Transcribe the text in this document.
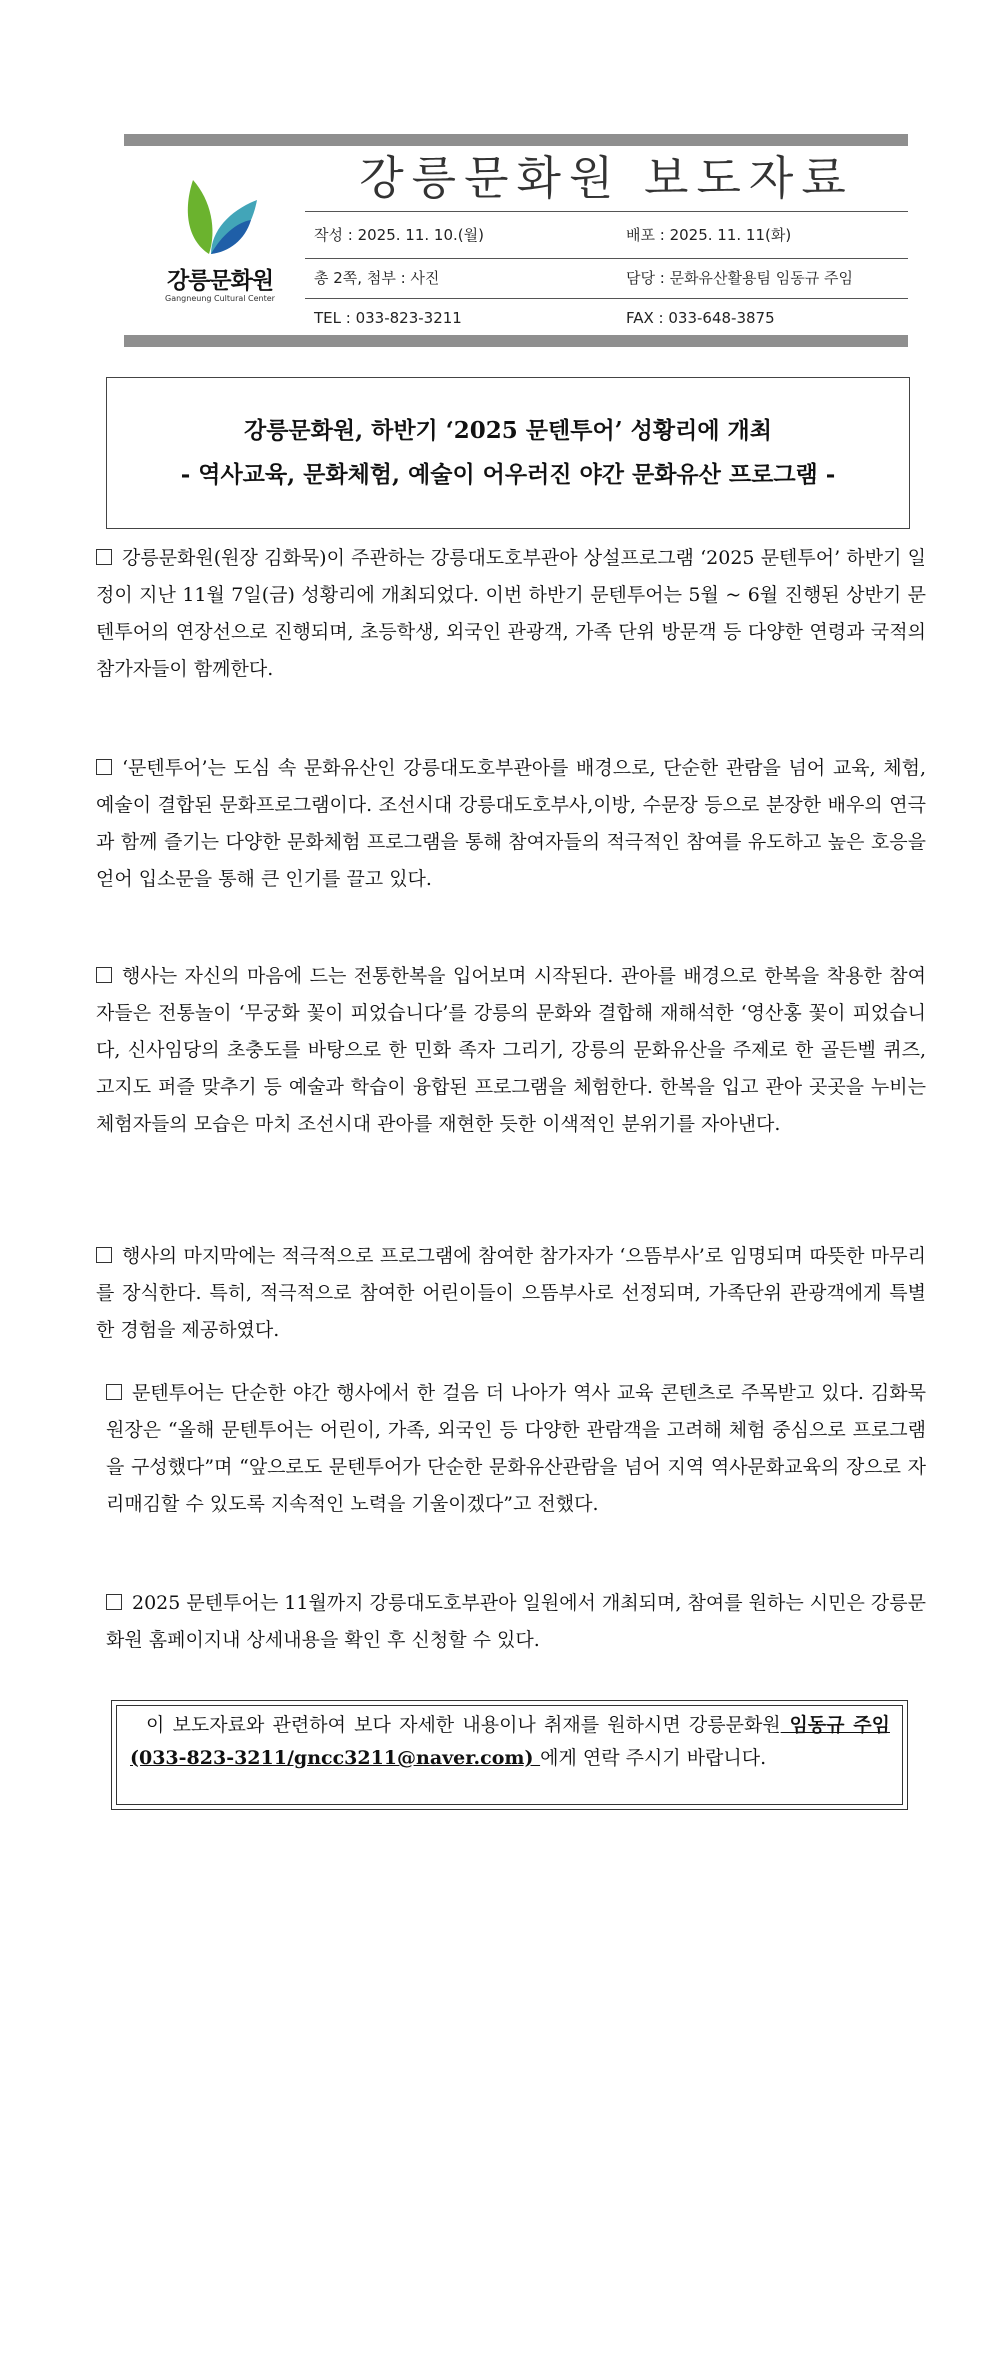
강릉문화원
Gangneung Cultural Center
강릉문화원 보도자료
작성 : 2025. 11. 10.(월)	배포 : 2025. 11. 11(화)
총 2쪽, 첨부 : 사진	담당 : 문화유산활용팀 임동규 주임
TEL : 033-823-3211	FAX : 033-648-3875
강릉문화원, 하반기 ‘2025 문텐투어’ 성황리에 개최
- 역사교육, 문화체험, 예술이 어우러진 야간 문화유산 프로그램 -
강릉문화원(원장 김화묵)이 주관하는 강릉대도호부관아 상설프로그램 ‘2025 문텐투어’ 하반기 일정이 지난 11월 7일(금) 성황리에 개최되었다. 이번 하반기 문텐투어는 5월 ~ 6월 진행된 상반기 문텐투어의 연장선으로 진행되며, 초등학생, 외국인 관광객, 가족 단위 방문객 등 다양한 연령과 국적의 참가자들이 함께한다.
‘문텐투어’는 도심 속 문화유산인 강릉대도호부관아를 배경으로, 단순한 관람을 넘어 교육, 체험, 예술이 결합된 문화프로그램이다. 조선시대 강릉대도호부사,이방, 수문장 등으로 분장한 배우의 연극과 함께 즐기는 다양한 문화체험 프로그램을 통해 참여자들의 적극적인 참여를 유도하고 높은 호응을 얻어 입소문을 통해 큰 인기를 끌고 있다.
행사는 자신의 마음에 드는 전통한복을 입어보며 시작된다. 관아를 배경으로 한복을 착용한 참여자들은 전통놀이 ‘무궁화 꽃이 피었습니다’를 강릉의 문화와 결합해 재해석한 ‘영산홍 꽃이 피었습니다, 신사임당의 초충도를 바탕으로 한 민화 족자 그리기, 강릉의 문화유산을 주제로 한 골든벨 퀴즈, 고지도 퍼즐 맞추기 등 예술과 학습이 융합된 프로그램을 체험한다. 한복을 입고 관아 곳곳을 누비는 체험자들의 모습은 마치 조선시대 관아를 재현한 듯한 이색적인 분위기를 자아낸다.
행사의 마지막에는 적극적으로 프로그램에 참여한 참가자가 ‘으뜸부사’로 임명되며 따뜻한 마무리를 장식한다. 특히, 적극적으로 참여한 어린이들이 으뜸부사로 선정되며, 가족단위 관광객에게 특별한 경험을 제공하였다.
문텐투어는 단순한 야간 행사에서 한 걸음 더 나아가 역사 교육 콘텐츠로 주목받고 있다. 김화묵 원장은 “올해 문텐투어는 어린이, 가족, 외국인 등 다양한 관람객을 고려해 체험 중심으로 프로그램을 구성했다”며 “앞으로도 문텐투어가 단순한 문화유산관람을 넘어 지역 역사문화교육의 장으로 자리매김할 수 있도록 지속적인 노력을 기울이겠다”고 전했다.
2025 문텐투어는 11월까지 강릉대도호부관아 일원에서 개최되며, 참여를 원하는 시민은 강릉문화원 홈페이지내 상세내용을 확인 후 신청할 수 있다.
이 보도자료와 관련하여 보다 자세한 내용이나 취재를 원하시면 강릉문화원 임동규 주임 (033-823-3211/gncc3211@naver.com) 에게 연락 주시기 바랍니다.
